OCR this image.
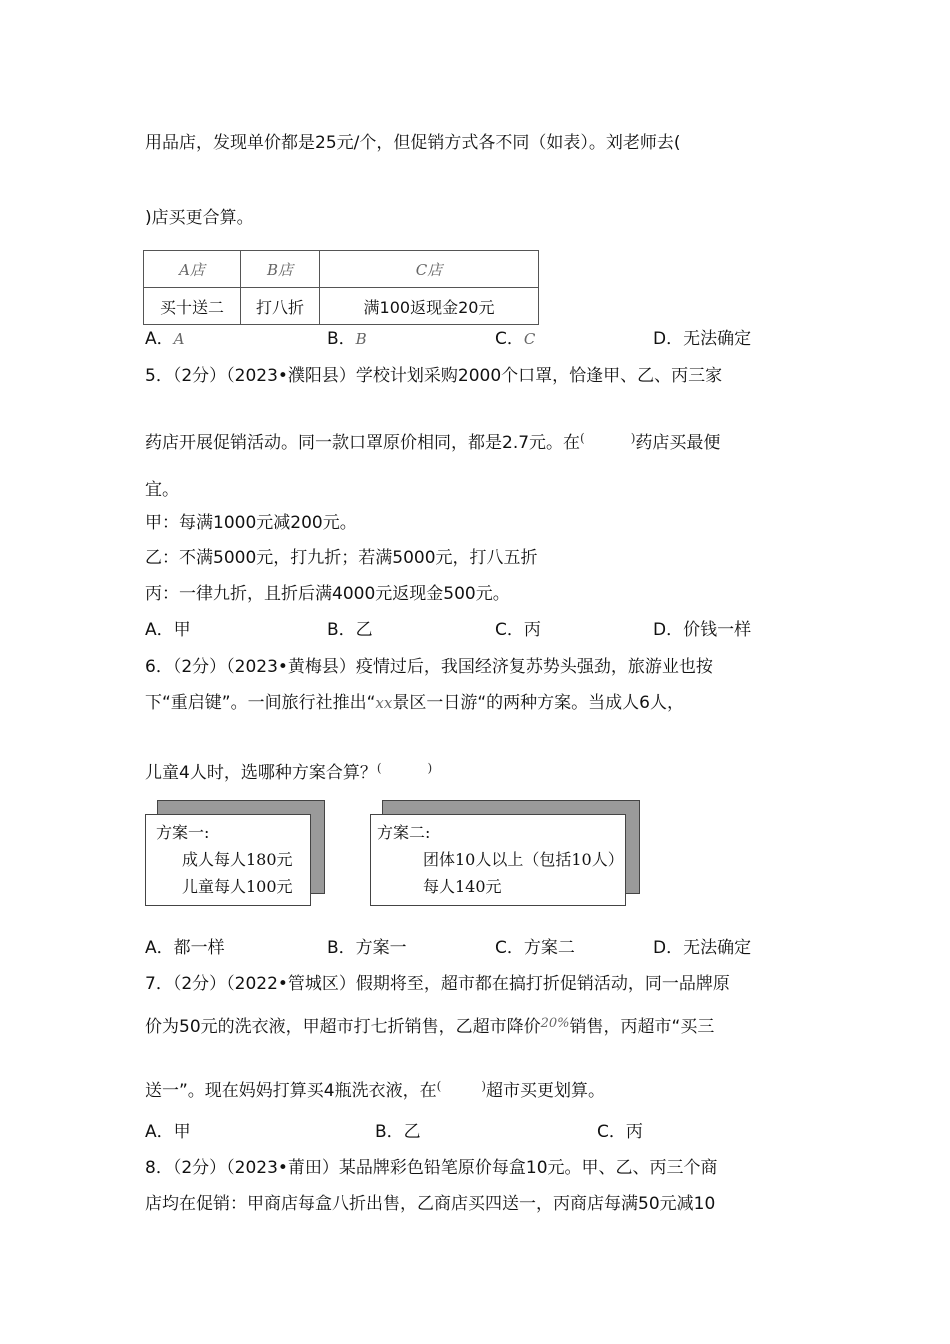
用品店，发现单价都是25元/个，但促销方式各不同（如表）。刘老师去(
)店买更合算。
A店	B店	C店
买十送二	打八折	满100返现金20元
A．A	B．B	C．C	D．无法确定
5．（2分）（2023•濮阳县）学校计划采购2000个口罩，恰逢甲、乙、丙三家
药店开展促销活动。同一款口罩原价相同，都是2.7元。在(	)药店买最便
宜。
甲：每满1000元减200元。
乙：不满5000元，打九折；若满5000元，打八五折
丙：一律九折，且折后满4000元返现金500元。
A．甲	B．乙	C．丙	D．价钱一样
6．（2分）（2023•黄梅县）疫情过后，我国经济复苏势头强劲，旅游业也按
下“重启键”。一间旅行社推出“xx景区一日游“的两种方案。当成人6人，
儿童4人时，选哪种方案合算？(	)
方案一:
成人每人180元
儿童每人100元
方案二:
团体10人以上（包括10人）
每人140元
A．都一样	B．方案一	C．方案二	D．无法确定
7．（2分）（2022•管城区）假期将至，超市都在搞打折促销活动，同一品牌原
价为50元的洗衣液，甲超市打七折销售，乙超市降价$^{20\%}$销售，丙超市“买三
送一”。现在妈妈打算买4瓶洗衣液，在(	)超市买更划算。
A．甲	B．乙	C．丙
8．（2分）（2023•莆田）某品牌彩色铅笔原价每盒10元。甲、乙、丙三个商
店均在促销：甲商店每盒八折出售，乙商店买四送一，丙商店每满50元减10
